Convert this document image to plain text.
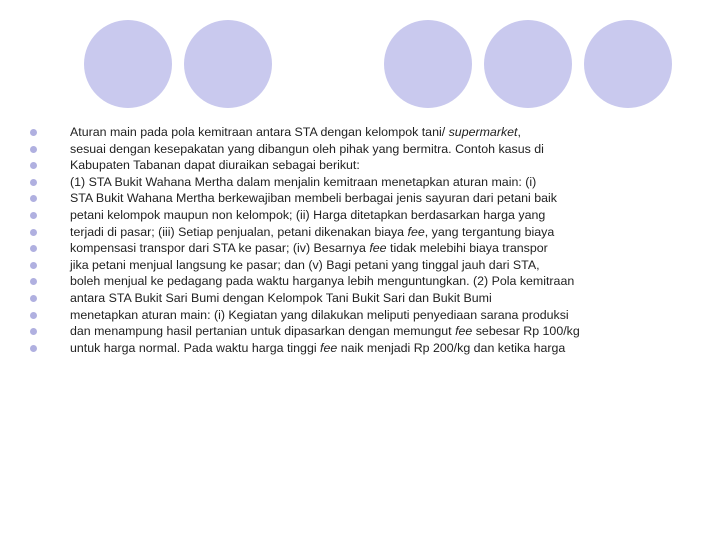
Aturan main pada pola kemitraan antara STA dengan kelompok tani/ supermarket,
sesuai dengan kesepakatan yang dibangun oleh pihak yang bermitra. Contoh kasus di
Kabupaten Tabanan dapat diuraikan sebagai berikut:
(1) STA Bukit Wahana Mertha dalam menjalin kemitraan menetapkan aturan main: (i)
STA Bukit Wahana Mertha berkewajiban membeli berbagai jenis sayuran dari petani baik
petani kelompok maupun non kelompok; (ii) Harga ditetapkan berdasarkan harga yang
terjadi di pasar; (iii) Setiap penjualan, petani dikenakan biaya fee, yang tergantung biaya
kompensasi transpor dari STA ke pasar; (iv) Besarnya fee tidak melebihi biaya transpor
jika petani menjual langsung ke pasar; dan (v) Bagi petani yang tinggal jauh dari STA,
boleh menjual ke pedagang pada waktu harganya lebih menguntungkan. (2) Pola kemitraan
antara STA Bukit Sari Bumi dengan Kelompok Tani Bukit Sari dan Bukit Bumi
menetapkan aturan main: (i) Kegiatan yang dilakukan meliputi penyediaan sarana produksi
dan menampung hasil pertanian untuk dipasarkan dengan memungut fee sebesar Rp 100/kg
untuk harga normal. Pada waktu harga tinggi fee naik menjadi Rp 200/kg dan ketika harga
